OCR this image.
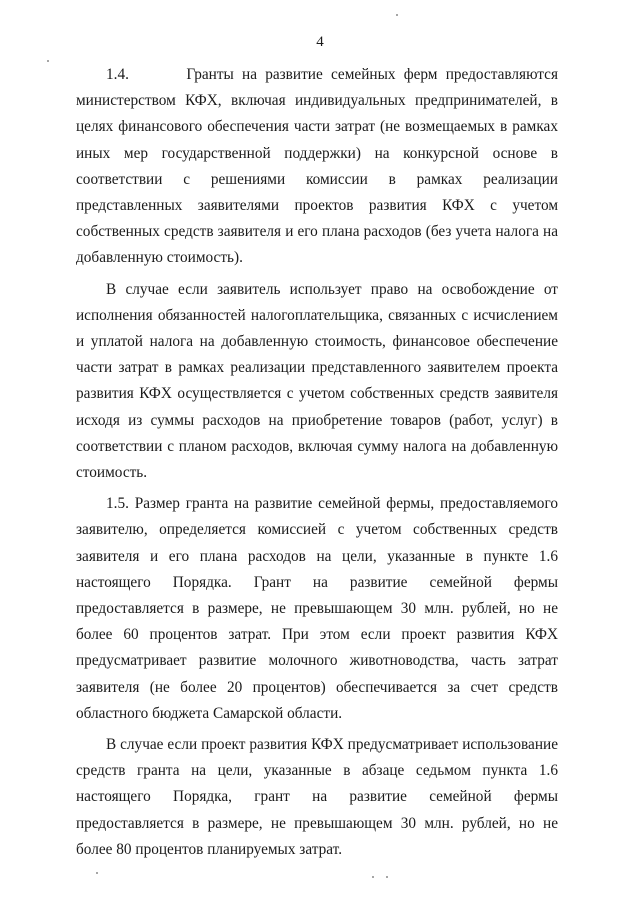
4

1.4.       Гранты на развитие семейных ферм предоставляются министерством КФХ, включая индивидуальных предпринимателей, в целях финансового обеспечения части затрат (не возмещаемых в рамках иных мер государственной поддержки) на конкурсной основе в соответствии с решениями комиссии в рамках реализации представленных заявителями проектов развития КФХ с учетом собственных средств заявителя и его плана расходов (без учета налога на добавленную стоимость).

В случае если заявитель использует право на освобождение от исполнения обязанностей налогоплательщика, связанных с исчислением и уплатой налога на добавленную стоимость, финансовое обеспечение части затрат в рамках реализации представленного заявителем проекта развития КФХ осуществляется с учетом собственных средств заявителя исходя из суммы расходов на приобретение товаров (работ, услуг) в соответствии с планом расходов, включая сумму налога на добавленную стоимость.

1.5. Размер гранта на развитие семейной фермы, предоставляемого заявителю, определяется комиссией с учетом собственных средств заявителя и его плана расходов на цели, указанные в пункте 1.6 настоящего Порядка. Грант на развитие семейной фермы предоставляется в размере, не превышающем 30 млн. рублей, но не более 60 процентов затрат. При этом если проект развития КФХ предусматривает развитие молочного животноводства, часть затрат заявителя (не более 20 процентов) обеспечивается за счет средств областного бюджета Самарской области.

В случае если проект развития КФХ предусматривает использование средств гранта на цели, указанные в абзаце седьмом пункта 1.6 настоящего Порядка, грант на развитие семейной фермы предоставляется в размере, не превышающем 30 млн. рублей, но не более 80 процентов планируемых затрат.
